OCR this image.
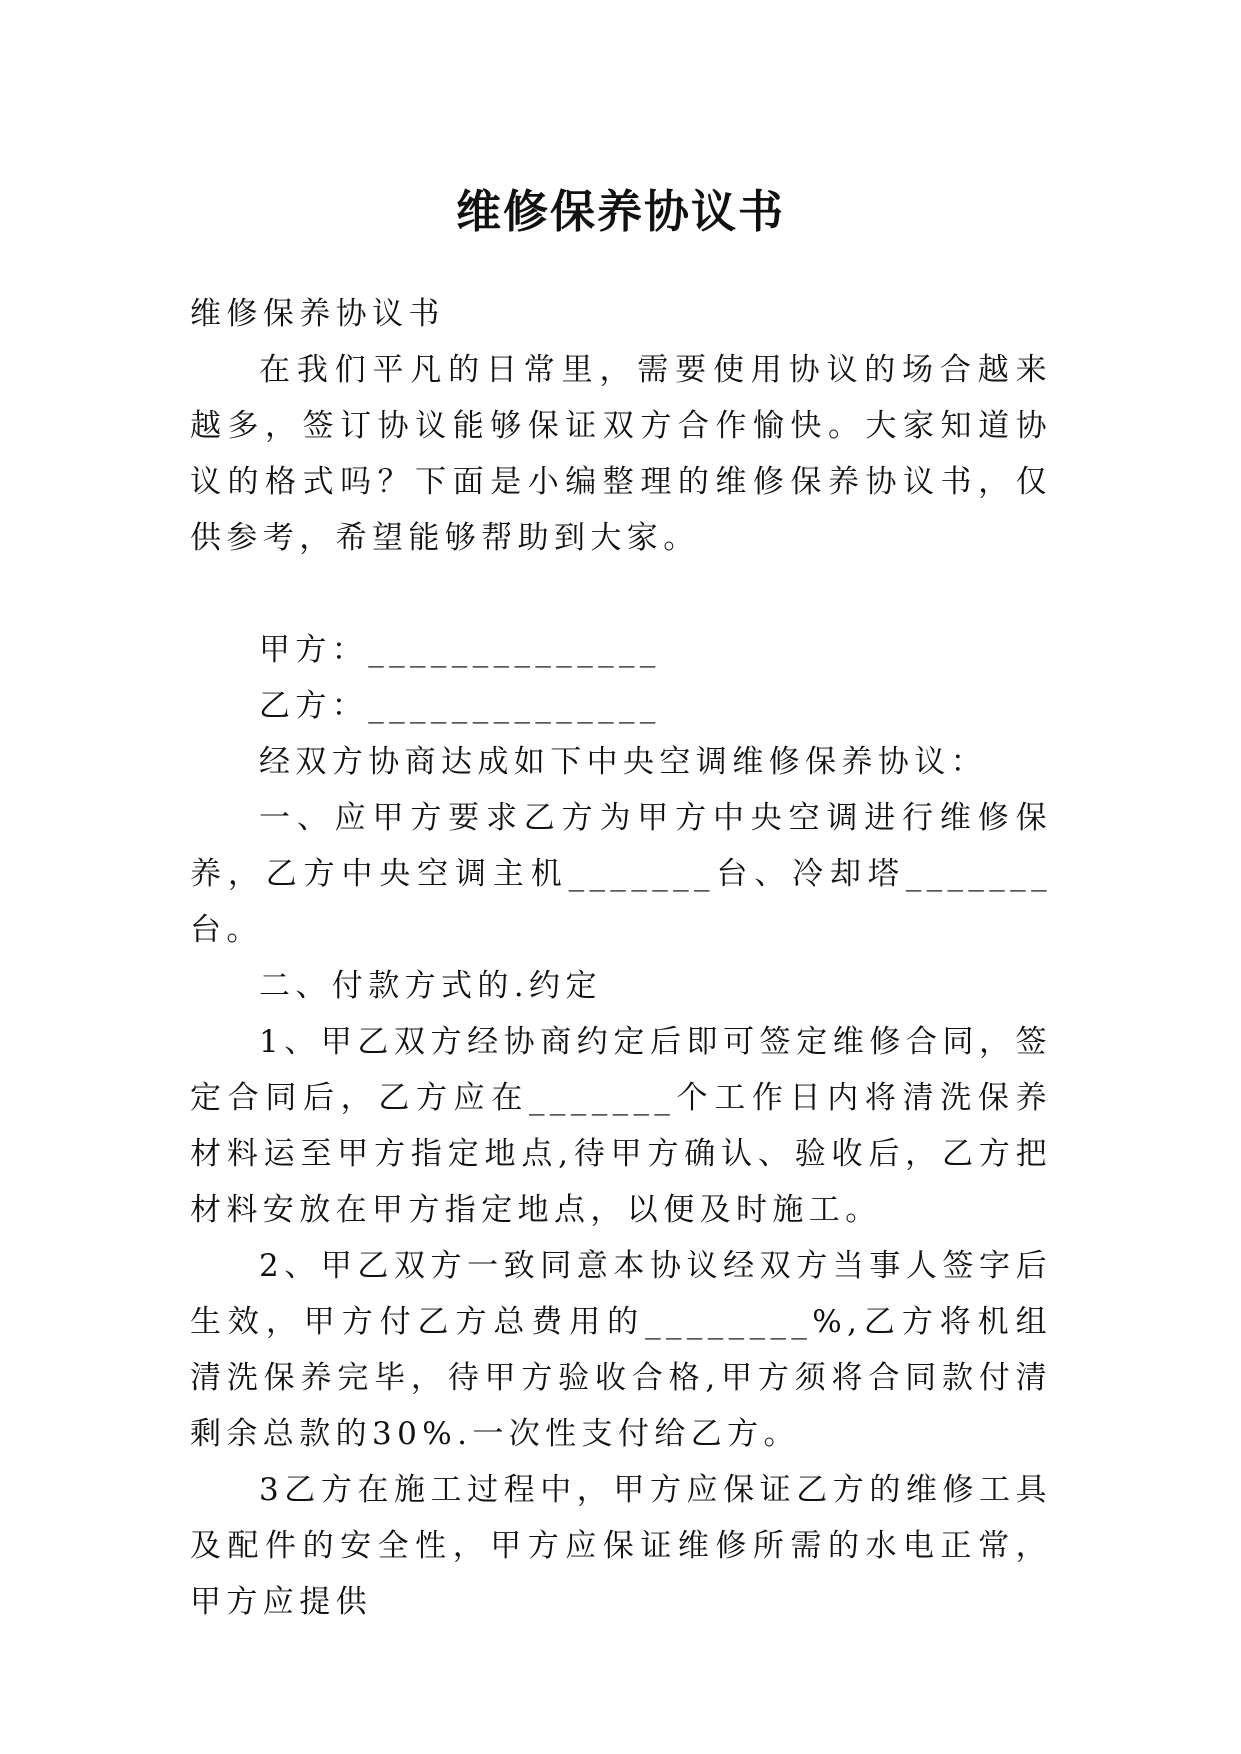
维修保养协议书

维修保养协议书

在我们平凡的日常里，需要使用协议的场合越来越多，签订协议能够保证双方合作愉快。大家知道协议的格式吗？下面是小编整理的维修保养协议书，仅供参考，希望能够帮助到大家。

甲方：______________

乙方：______________

经双方协商达成如下中央空调维修保养协议：

一、应甲方要求乙方为甲方中央空调进行维修保养，乙方中央空调主机_______台、冷却塔_______台。

二、付款方式的.约定

1、甲乙双方经协商约定后即可签定维修合同，签定合同后，乙方应在_______个工作日内将清洗保养材料运至甲方指定地点,待甲方确认、验收后，乙方把材料安放在甲方指定地点，以便及时施工。

2、甲乙双方一致同意本协议经双方当事人签字后生效，甲方付乙方总费用的________%,乙方将机组清洗保养完毕，待甲方验收合格,甲方须将合同款付清剩余总款的30%.一次性支付给乙方。

3乙方在施工过程中，甲方应保证乙方的维修工具及配件的安全性，甲方应保证维修所需的水电正常，甲方应提供
